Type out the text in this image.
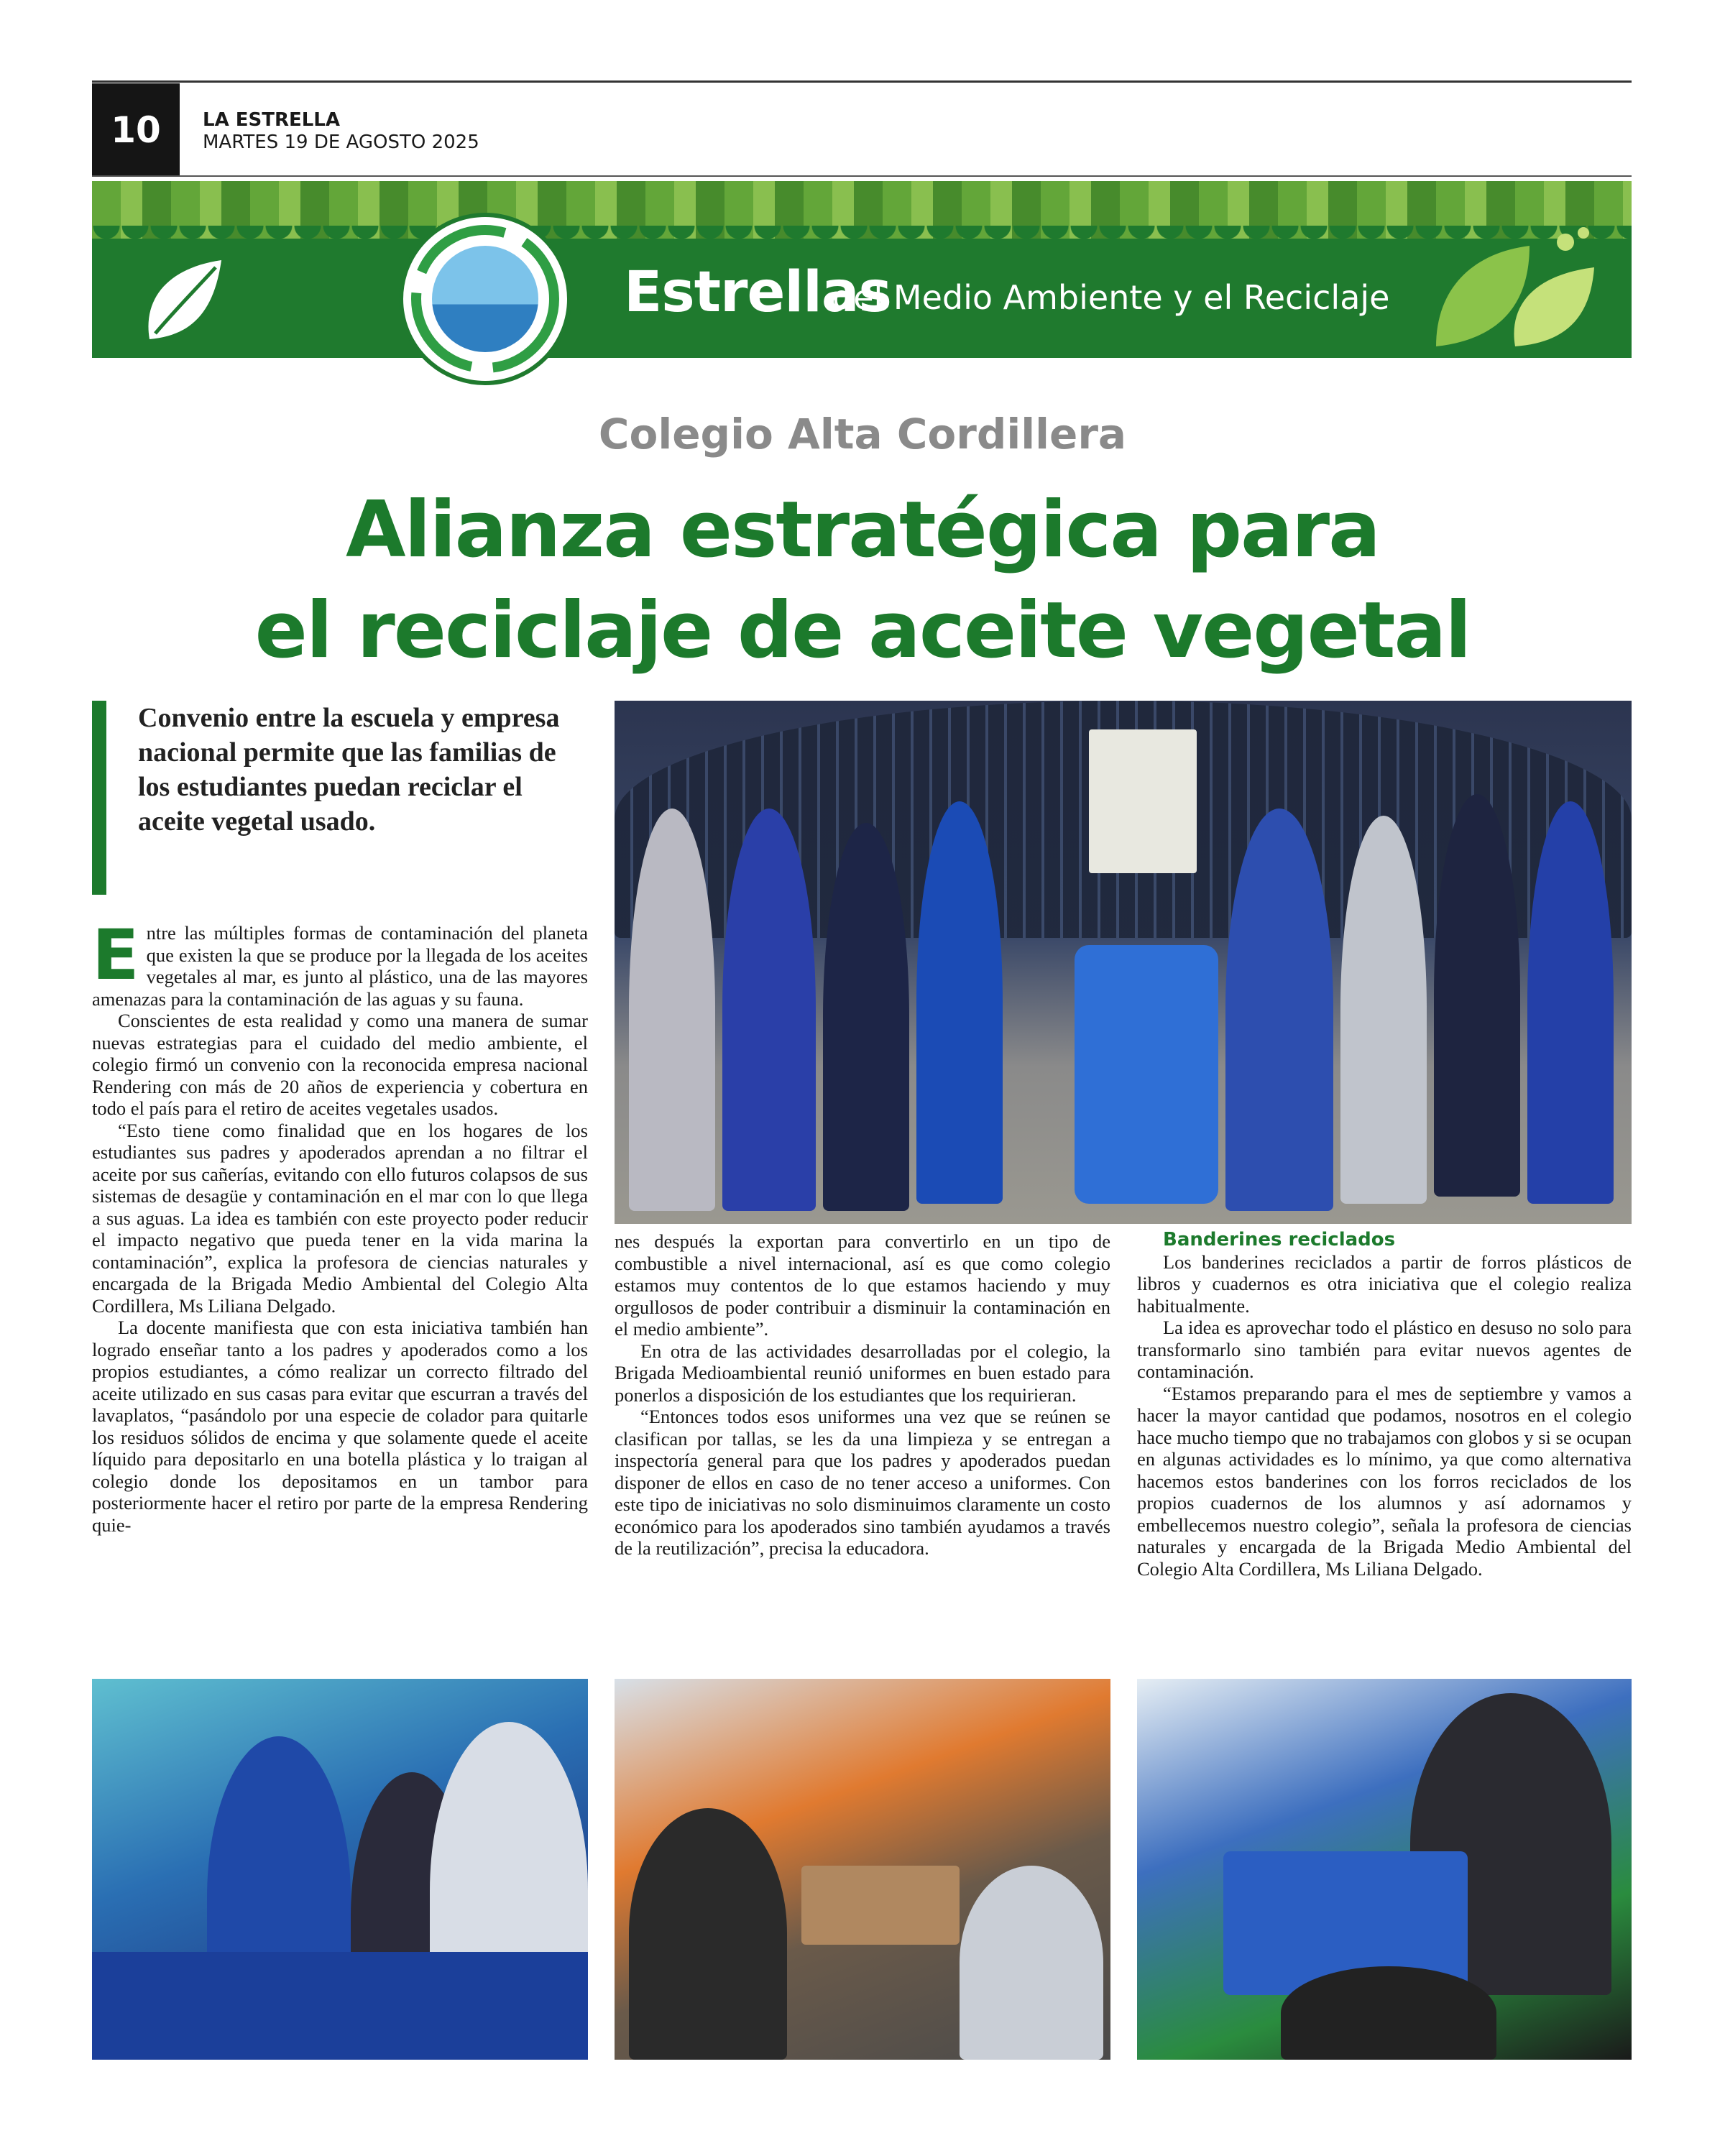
10	LA ESTRELLA
MARTES 19 DE AGOSTO 2025
Estrellas
del Medio Ambiente y el Reciclaje
Colegio Alta Cordillera
Alianza estratégica para
el reciclaje de aceite vegetal
Convenio entre la escuela y empresa nacional permite que las familias de los estudiantes puedan reciclar el aceite vegetal usado.

Entre las múltiples formas de contaminación del planeta que existen la que se produce por la llegada de los aceites vegetales al mar, es junto al plástico, una de las mayores amenazas para la contaminación de las aguas y su fauna.

Conscientes de esta realidad y como una manera de sumar nuevas estrategias para el cuidado del medio ambiente, el colegio firmó un convenio con la reconocida empresa nacional Rendering con más de 20 años de experiencia y cobertura en todo el país para el retiro de aceites vegetales usados.

“Esto tiene como finalidad que en los hogares de los estudiantes sus padres y apoderados aprendan a no filtrar el aceite por sus cañerías, evitando con ello futuros colapsos de sus sistemas de desagüe y contaminación en el mar con lo que llega a sus aguas. La idea es también con este proyecto poder reducir el impacto negativo que pueda tener en la vida marina la contaminación”, explica la profesora de ciencias naturales y encargada de la Brigada Medio Ambiental del Colegio Alta Cordillera, Ms Liliana Delgado.

La docente manifiesta que con esta iniciativa también han logrado enseñar tanto a los padres y apoderados como a los propios estudiantes, a cómo realizar un correcto filtrado del aceite utilizado en sus casas para evitar que escurran a través del lavaplatos, “pasándolo por una especie de colador para quitarle los residuos sólidos de encima y que solamente quede el aceite líquido para depositarlo en una botella plástica y lo traigan al colegio donde los depositamos en un tambor para posteriormente hacer el retiro por parte de la empresa Rendering quie-

nes después la exportan para convertirlo en un tipo de combustible a nivel internacional, así es que como colegio estamos muy contentos de lo que estamos haciendo y muy orgullosos de poder contribuir a disminuir la contaminación en el medio ambiente”.

En otra de las actividades desarrolladas por el colegio, la Brigada Medioambiental reunió uniformes en buen estado para ponerlos a disposición de los estudiantes que los requirieran.

“Entonces todos esos uniformes una vez que se reúnen se clasifican por tallas, se les da una limpieza y se entregan a inspectoría general para que los padres y apoderados puedan disponer de ellos en caso de no tener acceso a uniformes. Con este tipo de iniciativas no solo disminuimos claramente un costo económico para los apoderados sino también ayudamos a través de la reutilización”, precisa la educadora.

Banderines reciclados

Los banderines reciclados a partir de forros plásticos de libros y cuadernos es otra iniciativa que el colegio realiza habitualmente.

La idea es aprovechar todo el plástico en desuso no solo para transformarlo sino también para evitar nuevos agentes de contaminación.

“Estamos preparando para el mes de septiembre y vamos a hacer la mayor cantidad que podamos, nosotros en el colegio hace mucho tiempo que no trabajamos con globos y si se ocupan en algunas actividades es lo mínimo, ya que como alternativa hacemos estos banderines con los forros reciclados de los propios cuadernos de los alumnos y así adornamos y embellecemos nuestro colegio”, señala la profesora de ciencias naturales y encargada de la Brigada Medio Ambiental del Colegio Alta Cordillera, Ms Liliana Delgado.
